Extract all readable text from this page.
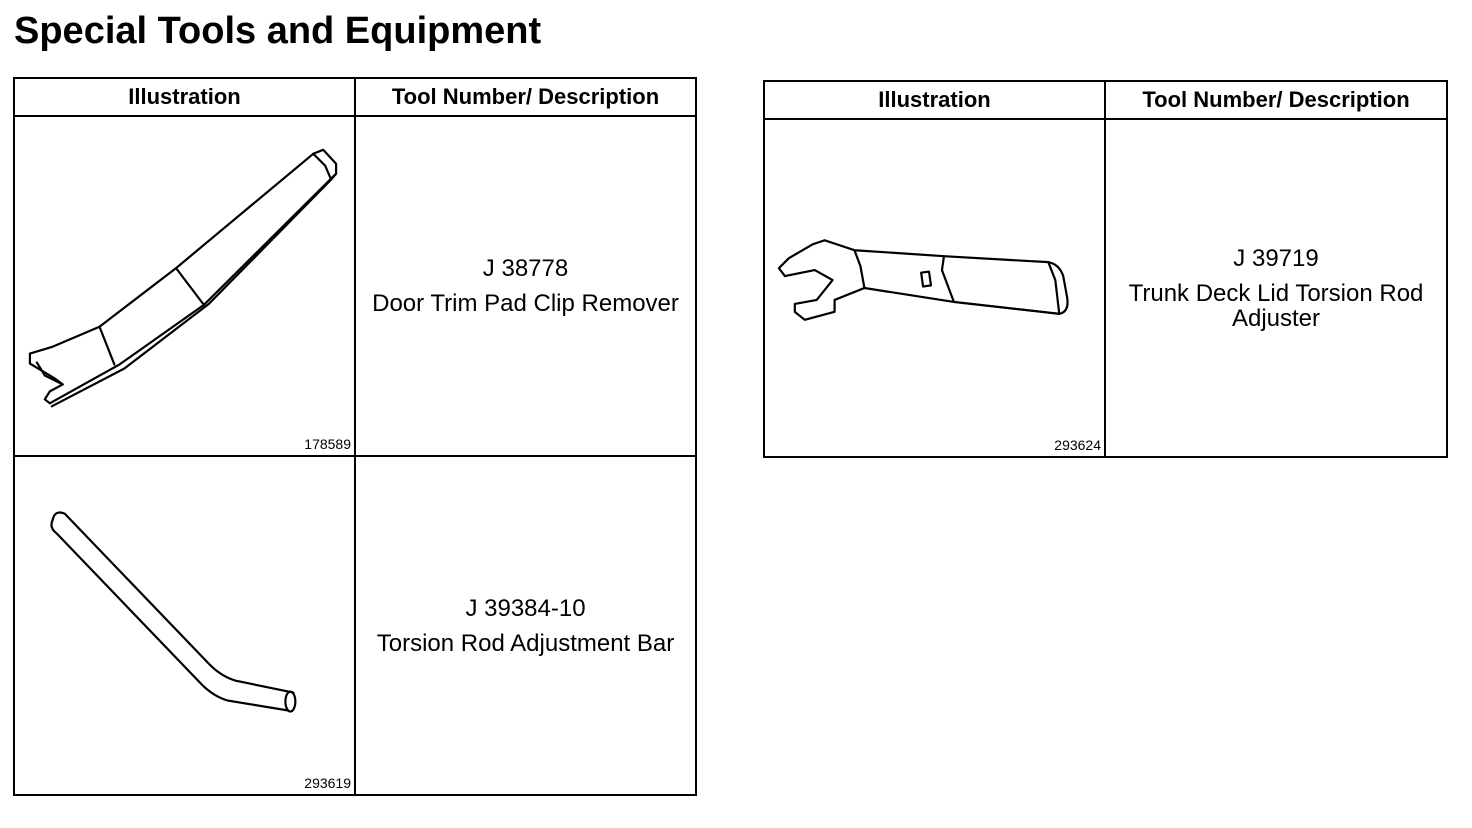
Special Tools and Equipment
Illustration	Tool Number/ Description

178589	J 38778
Door Trim Pad Clip Remover

293619	J 39384-10
Torsion Rod Adjustment Bar
Illustration	Tool Number/ Description

293624	J 39719
Trunk Deck Lid Torsion Rod Adjuster
